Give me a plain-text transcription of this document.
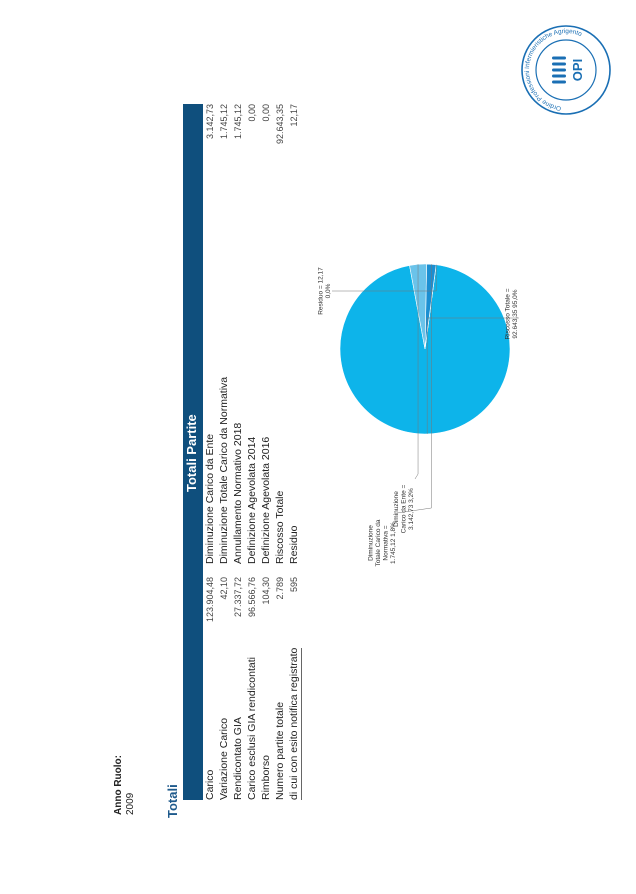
Anno Ruolo: 2009 Totali
Totali Partite
Carico
123.904,48
Diminuzione Carico da Ente
3.142,73
Variazione Carico
42,10
Diminuzione Totale Carico da Normativa
1.745,12
Rendicontato GIA
27.337,72
Annullamento Normativo 2018
1.745,12
Carico esclusi GIA rendicontati
96.566,76
Definizione Agevolata 2014
0,00
Rimborso
104,30
Definizione Agevolata 2016
0,00
Numero partite totale
2.789
Riscosso Totale
92.643,35
di cui con esito notifica registrato
595
Residuo
12,17
Riscosso Totale =92.643,35 95,0%
Residuo = 12,170,0%
DiminuzioneTotale Carico daNormativa =1.745,12 1,8%
DiminuzioneCarico da Ente =3.142,73 3,2%
Ordine Professioni Infermieristiche Agrigento
OPI
